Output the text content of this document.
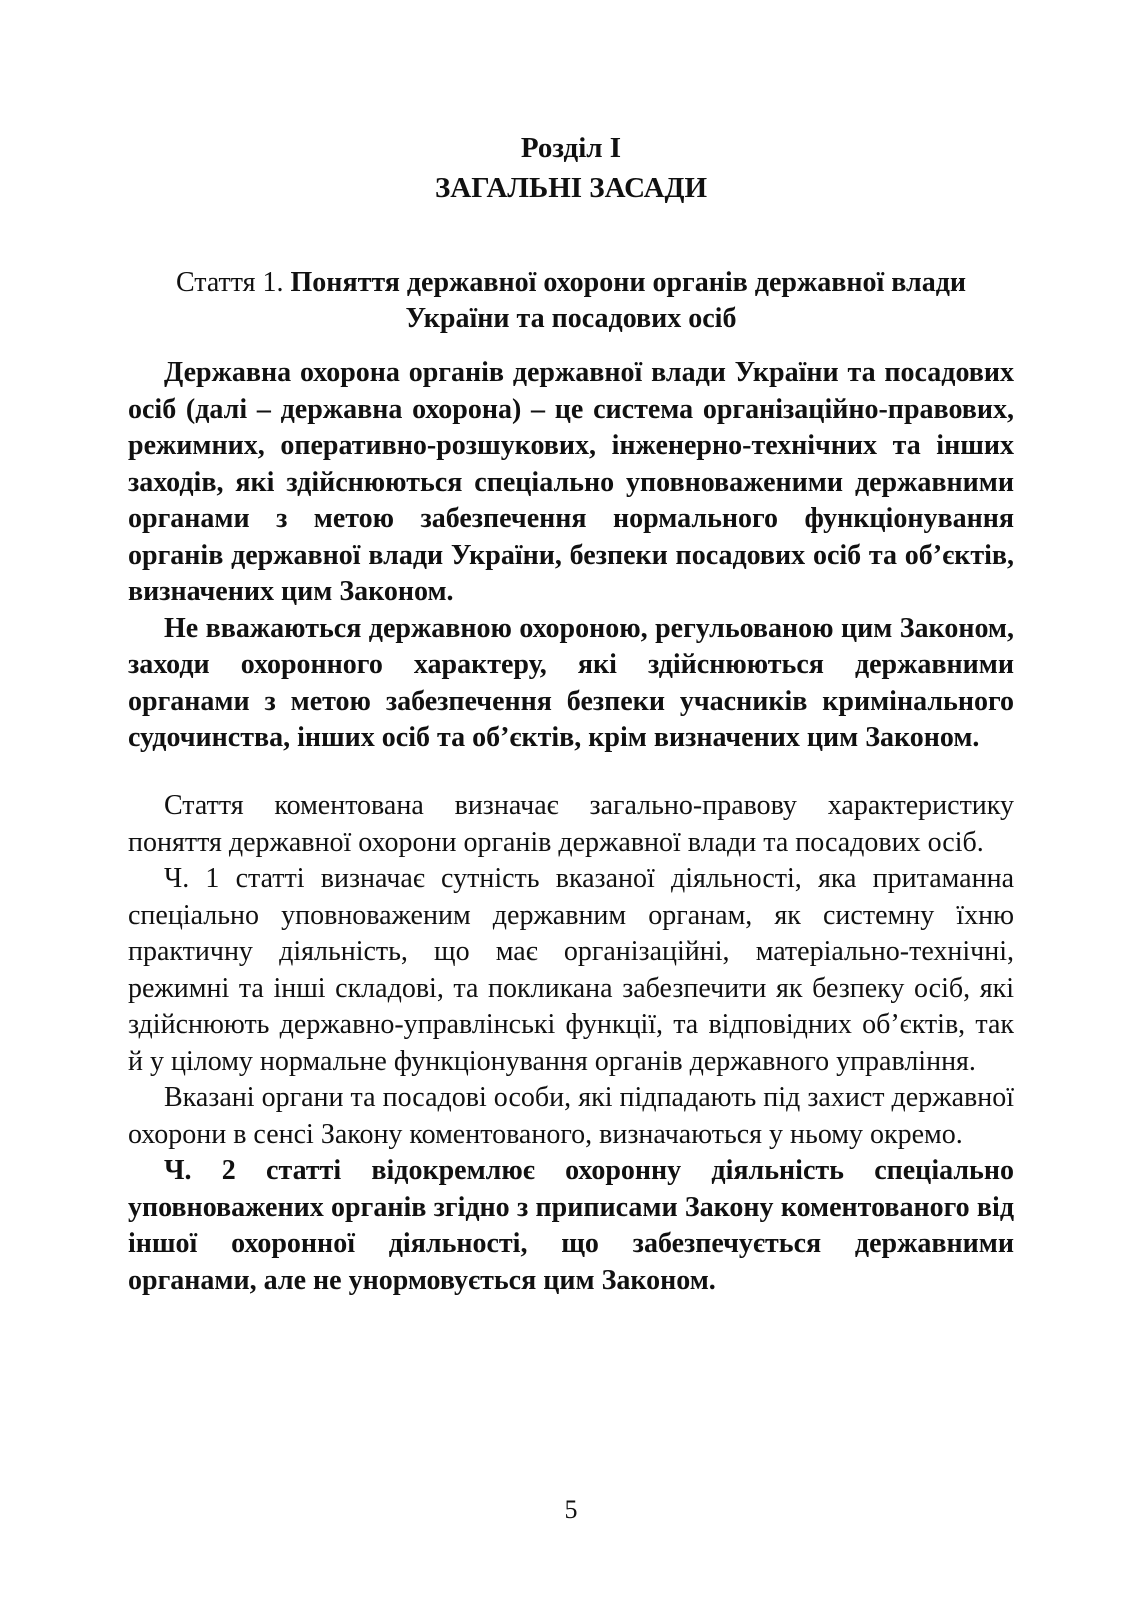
Розділ I
ЗАГАЛЬНІ ЗАСАДИ
Стаття 1. Поняття державної охорони органів державної влади України та посадових осіб

Державна охорона органів державної влади України та посадових осіб (далі – державна охорона) – це система організаційно-правових, режимних, оперативно-розшукових, інженерно-технічних та інших заходів, які здійснюються спеціально уповноваженими державними органами з метою забезпечення нормального функціонування органів державної влади України, безпеки посадових осіб та об’єктів, визначених цим Законом.

Не вважаються державною охороною, регульованою цим Законом, заходи охоронного характеру, які здійснюються державними органами з метою забезпечення безпеки учасників кримінального судочинства, інших осіб та об’єктів, крім визначених цим Законом.

Стаття коментована визначає загально-правову характеристику поняття державної охорони органів державної влади та посадових осіб.

Ч. 1 статті визначає сутність вказаної діяльності, яка притаманна спеціально уповноваженим державним органам, як системну їхню практичну діяльність, що має організаційні, матеріально-технічні, режимні та інші складові, та покликана забезпечити як безпеку осіб, які здійснюють державно-управлінські функції, та відповідних об’єктів, так й у цілому нормальне функціонування органів державного управління.

Вказані органи та посадові особи, які підпадають під захист державної охорони в сенсі Закону коментованого, визначаються у ньому окремо.

Ч. 2 статті відокремлює охоронну діяльність спеціально уповноважених органів згідно з приписами Закону коментованого від іншої охоронної діяльності, що забезпечується державними органами, але не унормовується цим Законом.

5
